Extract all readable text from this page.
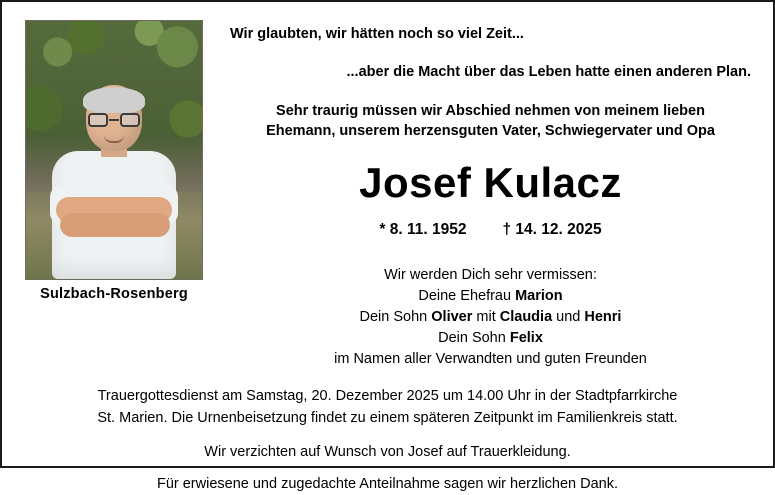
Sulzbach-Rosenberg

Wir glaubten, wir hätten noch so viel Zeit...

...aber die Macht über das Leben hatte einen anderen Plan.

Sehr traurig müssen wir Abschied nehmen von meinem lieben
Ehemann, unserem herzensguten Vater, Schwiegervater und Opa

Josef Kulacz

* 8. 11. 1952 † 14. 12. 2025

Wir werden Dich sehr vermissen:
Deine Ehefrau Marion
Dein Sohn Oliver mit Claudia und Henri
Dein Sohn Felix
im Namen aller Verwandten und guten Freunden

Trauergottesdienst am Samstag, 20. Dezember 2025 um 14.00 Uhr in der Stadtpfarrkirche
St. Marien. Die Urnenbeisetzung findet zu einem späteren Zeitpunkt im Familienkreis statt.

Wir verzichten auf Wunsch von Josef auf Trauerkleidung.

Für erwiesene und zugedachte Anteilnahme sagen wir herzlichen Dank.
